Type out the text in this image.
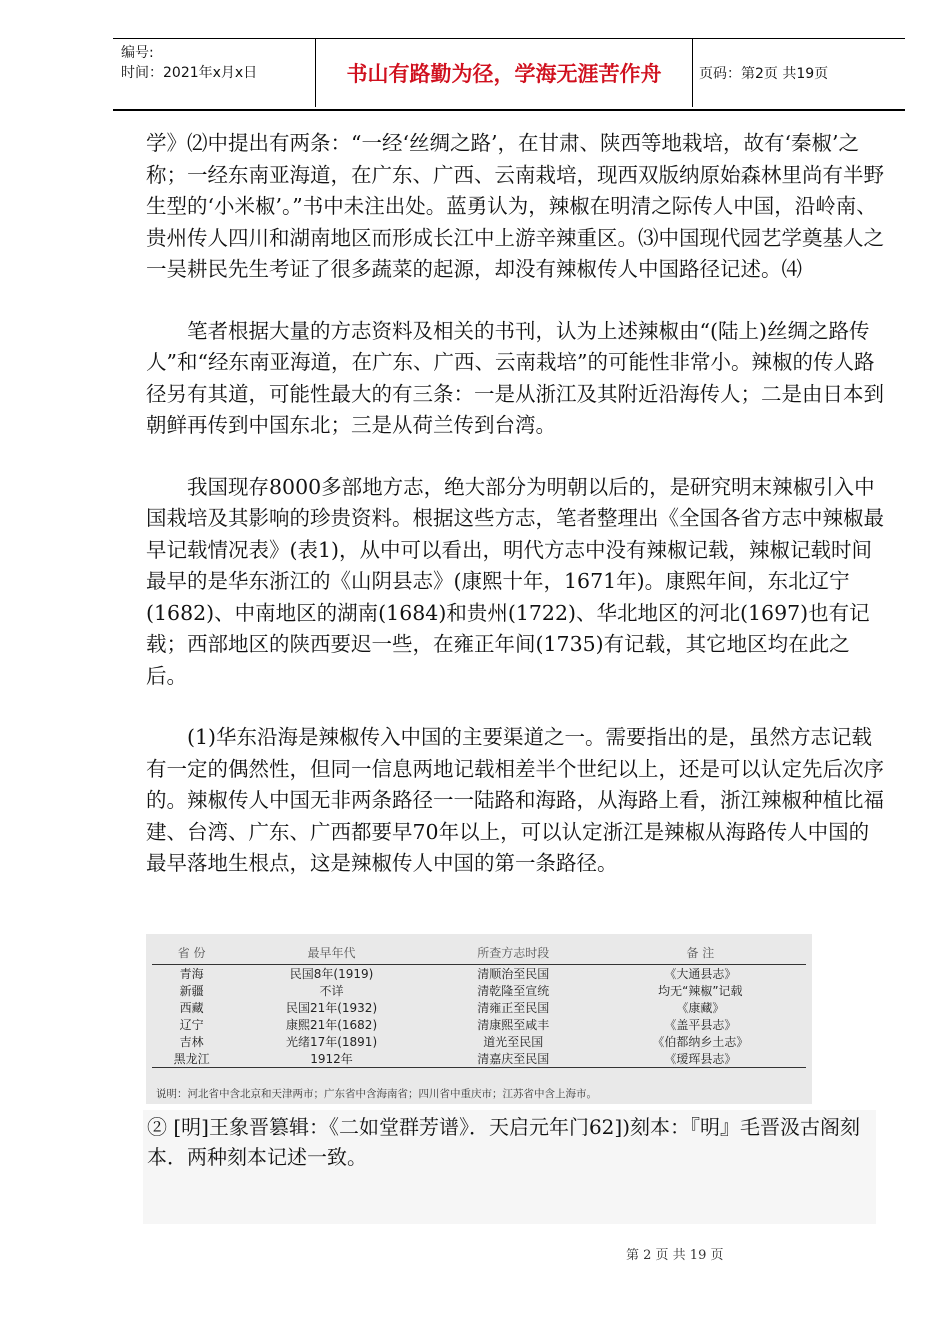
编号:
时间：2021年x月x日	书山有路勤为径，学海无涯苦作舟	页码：第2页 共19页

学》⑵中提出有两条：“一经‘丝绸之路’，在甘肃、陕西等地栽培，故有‘秦椒’之称；一经东南亚海道，在广东、广西、云南栽培，现西双版纳原始森林里尚有半野生型的‘小米椒’。”书中未注出处。蓝勇认为，辣椒在明清之际传人中国，沿岭南、贵州传人四川和湖南地区而形成长江中上游辛辣重区。⑶中国现代园艺学奠基人之一吴耕民先生考证了很多蔬菜的起源，却没有辣椒传人中国路径记述。⑷

笔者根据大量的方志资料及相关的书刊，认为上述辣椒由“(陆上)丝绸之路传人”和“经东南亚海道，在广东、广西、云南栽培”的可能性非常小。辣椒的传人路径另有其道，可能性最大的有三条：一是从浙江及其附近沿海传人；二是由日本到朝鲜再传到中国东北；三是从荷兰传到台湾。

我国现存8000多部地方志，绝大部分为明朝以后的，是研究明末辣椒引入中国栽培及其影响的珍贵资料。根据这些方志，笔者整理出《全国各省方志中辣椒最早记载情况表》(表1)，从中可以看出，明代方志中没有辣椒记载，辣椒记载时间最早的是华东浙江的《山阴县志》(康熙十年，1671年)。康熙年间，东北辽宁(1682)、中南地区的湖南(1684)和贵州(1722)、华北地区的河北(1697)也有记载；西部地区的陕西要迟一些，在雍正年间(1735)有记载，其它地区均在此之后。

(1)华东沿海是辣椒传入中国的主要渠道之一。需要指出的是，虽然方志记载有一定的偶然性，但同一信息两地记载相差半个世纪以上，还是可以认定先后次序的。辣椒传人中国无非两条路径一一陆路和海路，从海路上看，浙江辣椒种植比福建、台湾、广东、广西都要早70年以上，可以认定浙江是辣椒从海路传人中国的最早落地生根点，这是辣椒传人中国的第一条路径。

省 份	最早年代	所查方志时段	备 注
青海	民国8年(1919)	清顺治至民国	《大通县志》
新疆	不详	清乾隆至宣统	均无“辣椒”记载
西藏	民国21年(1932)	清雍正至民国	《康藏》
辽宁	康熙21年(1682)	清康熙至咸丰	《盖平县志》
吉林	光绪17年(1891)	道光至民国	《伯都纳乡土志》
黑龙江	1912年	清嘉庆至民国	《瑷珲县志》
说明：河北省中含北京和天津两市；广东省中含海南省；四川省中重庆市；江苏省中含上海市。
② [明]王象晋篡辑：《二如堂群芳谱》．天启元年门62])刻本：『明』毛晋汲古阁刻本．两种刻本记述一致。
第 2 页 共 19 页
